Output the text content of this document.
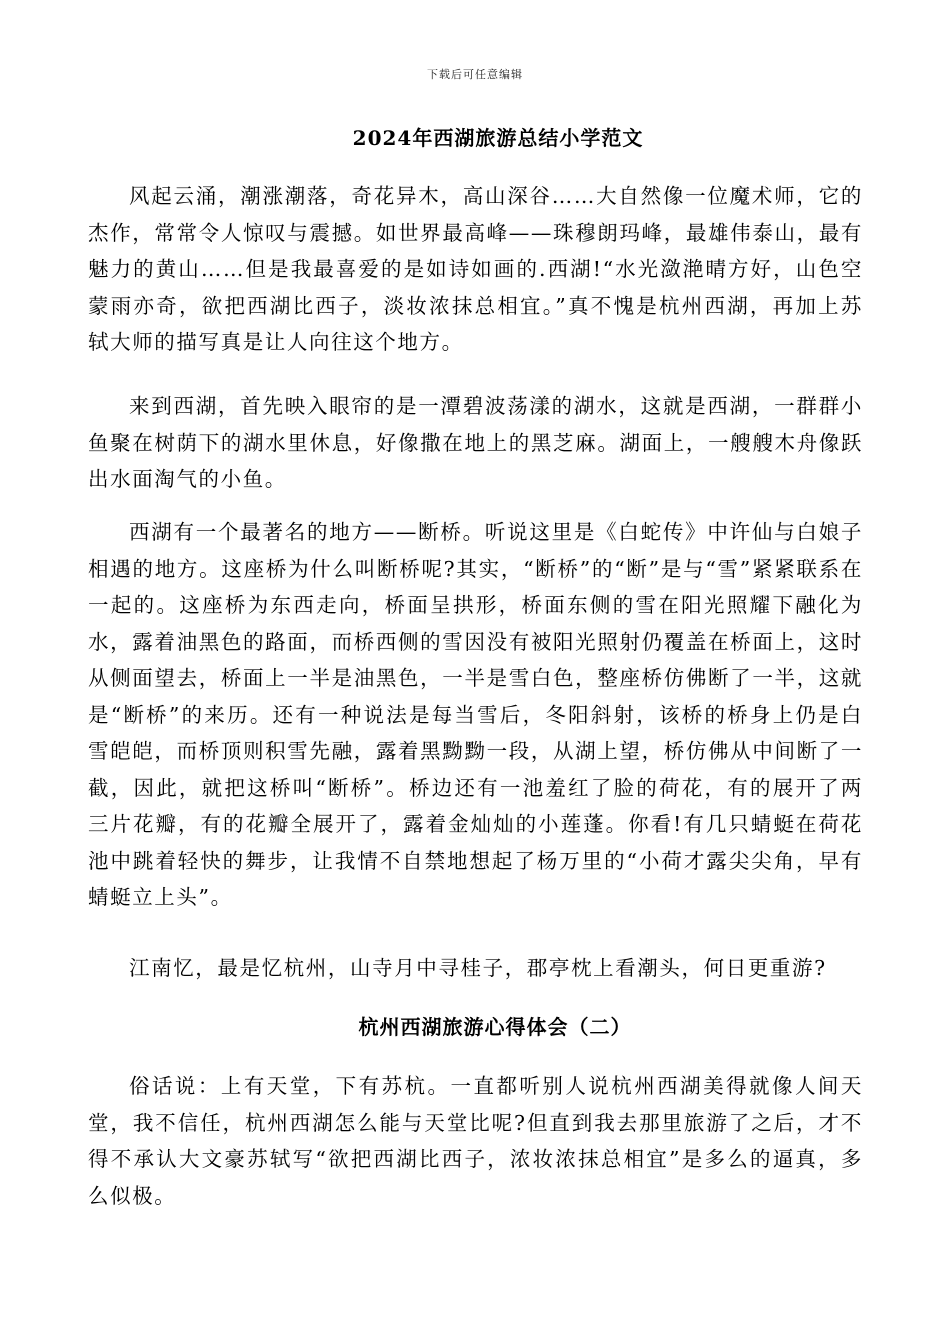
下载后可任意编辑
2024年西湖旅游总结小学范文

风起云涌，潮涨潮落，奇花异木，高山深谷……大自然像一位魔术师，它的杰作，常常令人惊叹与震撼。如世界最高峰——珠穆朗玛峰，最雄伟泰山，最有魅力的黄山……但是我最喜爱的是如诗如画的.西湖!“水光潋滟晴方好，山色空蒙雨亦奇，欲把西湖比西子，淡妆浓抹总相宜。”真不愧是杭州西湖，再加上苏轼大师的描写真是让人向往这个地方。

来到西湖，首先映入眼帘的是一潭碧波荡漾的湖水，这就是西湖，一群群小鱼聚在树荫下的湖水里休息，好像撒在地上的黑芝麻。湖面上，一艘艘木舟像跃出水面淘气的小鱼。

西湖有一个最著名的地方——断桥。听说这里是《白蛇传》中许仙与白娘子相遇的地方。这座桥为什么叫断桥呢?其实，“断桥”的“断”是与“雪”紧紧联系在一起的。这座桥为东西走向，桥面呈拱形，桥面东侧的雪在阳光照耀下融化为水，露着油黑色的路面，而桥西侧的雪因没有被阳光照射仍覆盖在桥面上，这时从侧面望去，桥面上一半是油黑色，一半是雪白色，整座桥仿佛断了一半，这就是“断桥”的来历。还有一种说法是每当雪后，冬阳斜射，该桥的桥身上仍是白雪皑皑，而桥顶则积雪先融，露着黑黝黝一段，从湖上望，桥仿佛从中间断了一截，因此，就把这桥叫“断桥”。桥边还有一池羞红了脸的荷花，有的展开了两三片花瓣，有的花瓣全展开了，露着金灿灿的小莲蓬。你看!有几只蜻蜓在荷花池中跳着轻快的舞步，让我情不自禁地想起了杨万里的“小荷才露尖尖角，早有蜻蜓立上头”。

江南忆，最是忆杭州，山寺月中寻桂子，郡亭枕上看潮头，何日更重游?

杭州西湖旅游心得体会（二）

俗话说：上有天堂，下有苏杭。一直都听别人说杭州西湖美得就像人间天堂，我不信任，杭州西湖怎么能与天堂比呢?但直到我去那里旅游了之后，才不得不承认大文豪苏轼写“欲把西湖比西子，浓妆浓抹总相宜”是多么的逼真，多么似极。
